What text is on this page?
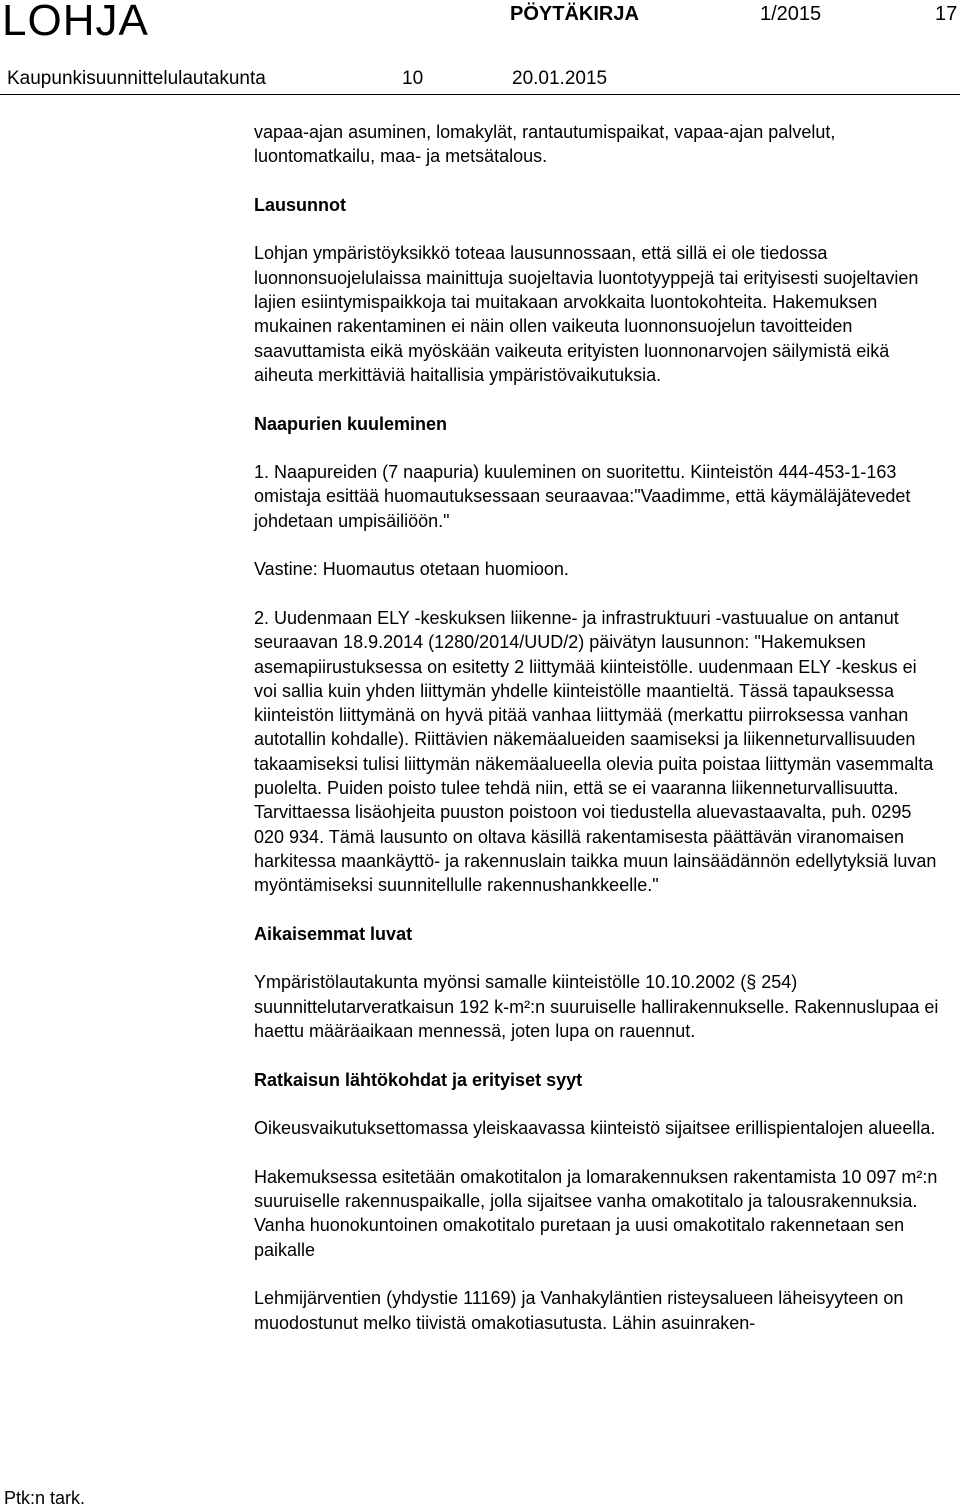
LOHJA	PÖYTÄKIRJA	1/2015	17
Kaupunkisuunnittelulautakunta	10	20.01.2015

vapaa-ajan asuminen, lomakylät, rantautumispaikat, vapaa-ajan palvelut, luontomatkailu, maa- ja metsätalous.

Lausunnot

Lohjan ympäristöyksikkö toteaa lausunnossaan, että sillä ei ole tiedossa luonnonsuojelulaissa mainittuja suojeltavia luontotyyppejä tai erityisesti suojeltavien lajien esiintymispaikkoja tai muitakaan arvokkaita luontokohteita. Hakemuksen mukainen rakentaminen ei näin ollen vaikeuta luonnonsuojelun tavoitteiden saavuttamista eikä myöskään vaikeuta erityisten luonnonarvojen säilymistä eikä aiheuta merkittäviä haitallisia ympäristövaikutuksia.

Naapurien kuuleminen

1. Naapureiden (7 naapuria) kuuleminen on suoritettu. Kiinteistön 444-453-1-163 omistaja esittää huomautuksessaan seuraavaa:"Vaadimme, että käymäläjätevedet johdetaan umpisäiliöön."

Vastine: Huomautus otetaan huomioon.

2. Uudenmaan ELY -keskuksen liikenne- ja infrastruktuuri -vastuualue on antanut seuraavan 18.9.2014 (1280/2014/UUD/2) päivätyn lausunnon: "Hakemuksen asemapiirustuksessa on esitetty 2 liittymää kiinteistölle. uudenmaan ELY -keskus ei voi sallia kuin yhden liittymän yhdelle kiinteistölle maantieltä. Tässä tapauksessa kiinteistön liittymänä on hyvä pitää vanhaa liittymää (merkattu piirroksessa vanhan autotallin kohdalle). Riittävien näkemäalueiden saamiseksi ja liikenneturvallisuuden takaamiseksi tulisi liittymän näkemäalueella olevia puita poistaa liittymän vasemmalta puolelta. Puiden poisto tulee tehdä niin, että se ei vaaranna liikenneturvallisuutta. Tarvittaessa lisäohjeita puuston poistoon voi tiedustella aluevastaavalta, puh. 0295 020 934. Tämä lausunto on oltava käsillä rakentamisesta päättävän viranomaisen harkitessa maankäyttö- ja rakennuslain taikka muun lainsäädännön edellytyksiä luvan myöntämiseksi suunnitellulle rakennushankkeelle."

Aikaisemmat luvat

Ympäristölautakunta myönsi samalle kiinteistölle 10.10.2002 (§ 254) suunnittelutarveratkaisun 192 k-m²:n suuruiselle hallirakennukselle. Rakennuslupaa ei haettu määräaikaan mennessä, joten lupa on rauennut.

Ratkaisun lähtökohdat ja erityiset syyt

Oikeusvaikutuksettomassa yleiskaavassa kiinteistö sijaitsee erillispientalojen alueella.

Hakemuksessa esitetään omakotitalon ja lomarakennuksen rakentamista 10 097 m²:n suuruiselle rakennuspaikalle, jolla sijaitsee vanha omakotitalo ja talousrakennuksia. Vanha huonokuntoinen omakotitalo puretaan ja uusi omakotitalo rakennetaan sen paikalle

Lehmijärventien (yhdystie 11169) ja Vanhakyläntien risteysalueen läheisyyteen on muodostunut melko tiivistä omakotiasutusta. Lähin asuinraken-

Ptk:n tark.
